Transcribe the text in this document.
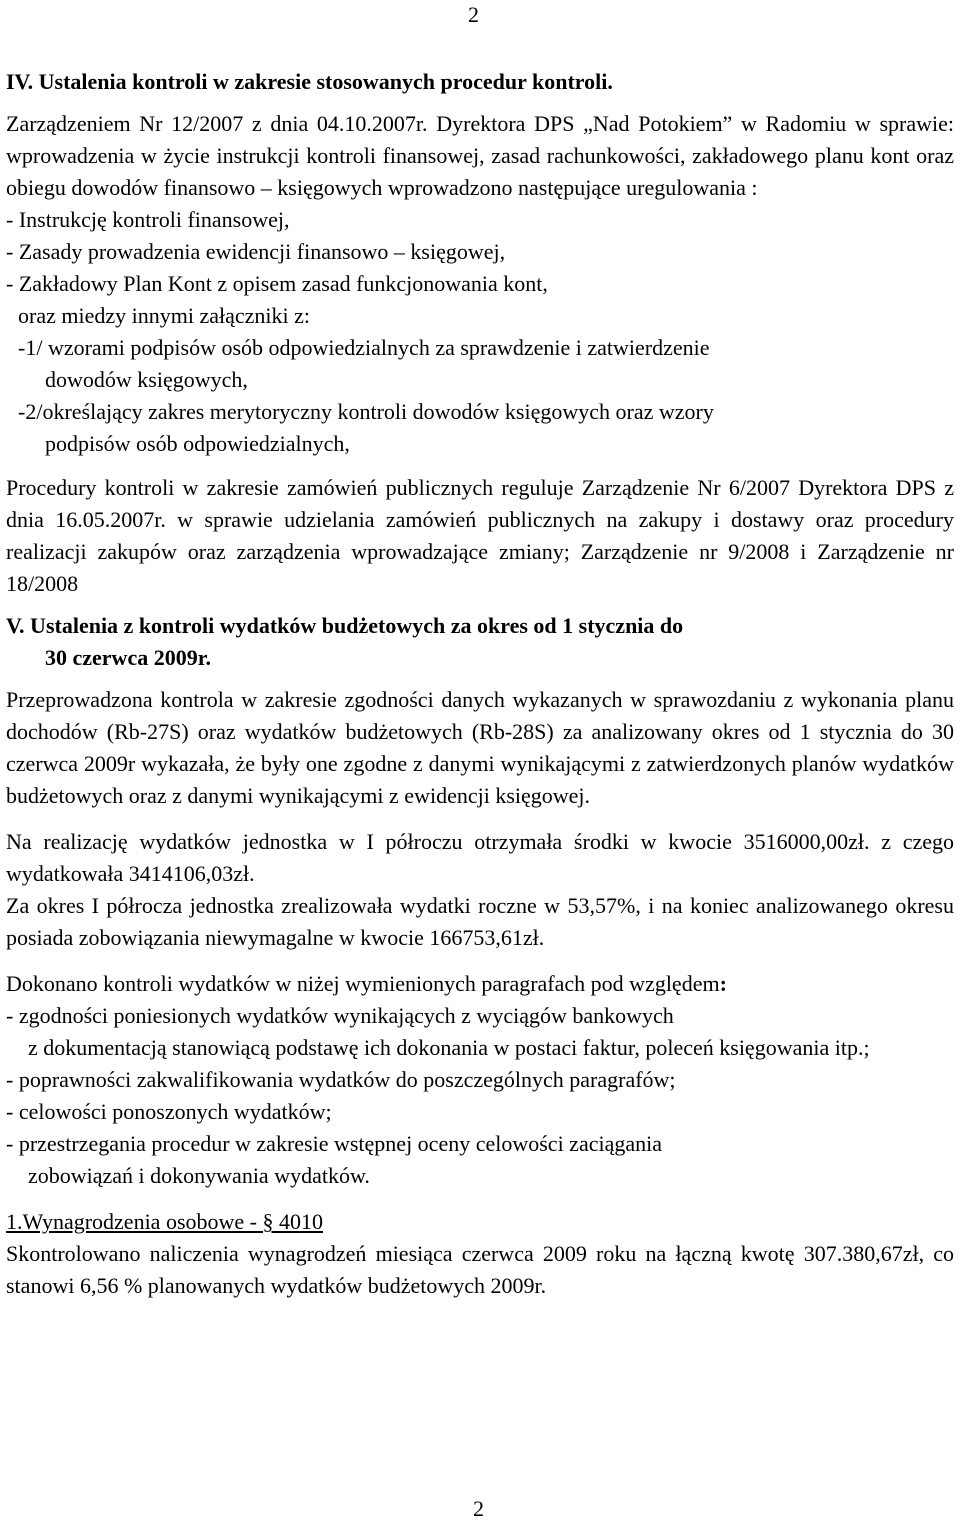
2
IV. Ustalenia kontroli w zakresie stosowanych procedur kontroli.

Zarządzeniem Nr 12/2007 z dnia 04.10.2007r. Dyrektora DPS „Nad Potokiem” w Radomiu w sprawie: wprowadzenia w życie instrukcji kontroli finansowej, zasad rachunkowości, zakładowego planu kont oraz obiegu dowodów finansowo – księgowych wprowadzono następujące uregulowania :

- Instrukcję kontroli finansowej,
- Zasady prowadzenia ewidencji finansowo – księgowej,
- Zakładowy Plan Kont z opisem zasad funkcjonowania kont,
oraz miedzy innymi załączniki z:

-1/ wzorami podpisów osób odpowiedzialnych za sprawdzenie i zatwierdzenie

dowodów księgowych,

-2/określający zakres merytoryczny kontroli dowodów księgowych oraz wzory

podpisów osób odpowiedzialnych,

Procedury kontroli w zakresie zamówień publicznych reguluje Zarządzenie Nr 6/2007 Dyrektora DPS z dnia 16.05.2007r. w sprawie udzielania zamówień publicznych na zakupy i dostawy oraz procedury realizacji zakupów oraz zarządzenia wprowadzające zmiany; Zarządzenie nr 9/2008 i Zarządzenie nr 18/2008

V. Ustalenia z kontroli wydatków budżetowych za okres od 1 stycznia do
30 czerwca 2009r.

Przeprowadzona kontrola w zakresie zgodności danych wykazanych w sprawozdaniu z wykonania planu dochodów (Rb-27S) oraz wydatków budżetowych (Rb-28S) za analizowany okres od 1 stycznia do 30 czerwca 2009r wykazała, że były one zgodne z danymi wynikającymi z zatwierdzonych planów wydatków budżetowych oraz z danymi wynikającymi z ewidencji księgowej.

Na realizację wydatków jednostka w I półroczu otrzymała środki w kwocie 3516000,00zł. z czego wydatkowała 3414106,03zł.

Za okres I półrocza jednostka zrealizowała wydatki roczne w 53,57%, i na koniec analizowanego okresu posiada zobowiązania niewymagalne w kwocie 166753,61zł.

Dokonano kontroli wydatków w niżej wymienionych paragrafach pod względem:

- zgodności poniesionych wydatków wynikających z wyciągów bankowych

z dokumentacją stanowiącą podstawę ich dokonania w postaci faktur, poleceń księgowania itp.;

- poprawności zakwalifikowania wydatków do poszczególnych paragrafów;
- celowości ponoszonych wydatków;

- przestrzegania procedur w zakresie wstępnej oceny celowości zaciągania

zobowiązań i dokonywania wydatków.
1.Wynagrodzenia osobowe - § 4010

Skontrolowano naliczenia wynagrodzeń miesiąca czerwca 2009 roku na łączną kwotę 307.380,67zł, co stanowi 6,56 % planowanych wydatków budżetowych 2009r.

2
